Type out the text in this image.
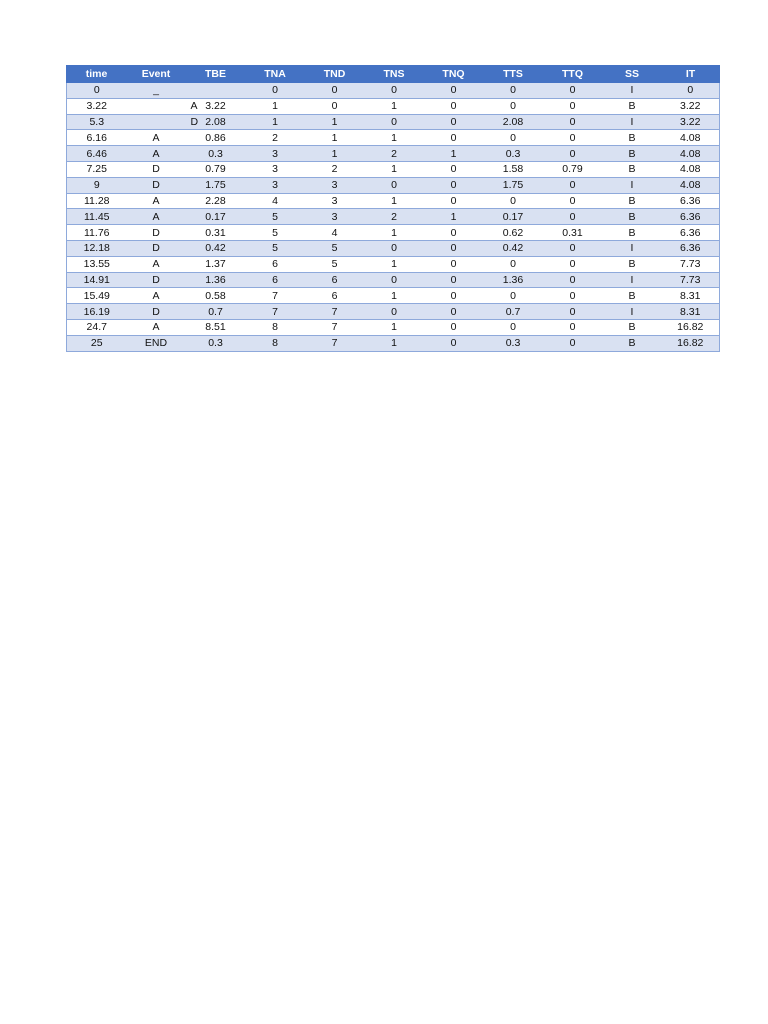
time	Event	TBE	TNA	TND	TNS	TNQ	TTS	TTQ	SS	IT
0	_		0	0	0	0	0	0	I	0
3.22	A	3.22	1	0	1	0	0	0	B	3.22
5.3	D	2.08	1	1	0	0	2.08	0	I	3.22
6.16	A	0.86	2	1	1	0	0	0	B	4.08
6.46	A	0.3	3	1	2	1	0.3	0	B	4.08
7.25	D	0.79	3	2	1	0	1.58	0.79	B	4.08
9	D	1.75	3	3	0	0	1.75	0	I	4.08
11.28	A	2.28	4	3	1	0	0	0	B	6.36
11.45	A	0.17	5	3	2	1	0.17	0	B	6.36
11.76	D	0.31	5	4	1	0	0.62	0.31	B	6.36
12.18	D	0.42	5	5	0	0	0.42	0	I	6.36
13.55	A	1.37	6	5	1	0	0	0	B	7.73
14.91	D	1.36	6	6	0	0	1.36	0	I	7.73
15.49	A	0.58	7	6	1	0	0	0	B	8.31
16.19	D	0.7	7	7	0	0	0.7	0	I	8.31
24.7	A	8.51	8	7	1	0	0	0	B	16.82
25	END	0.3	8	7	1	0	0.3	0	B	16.82
